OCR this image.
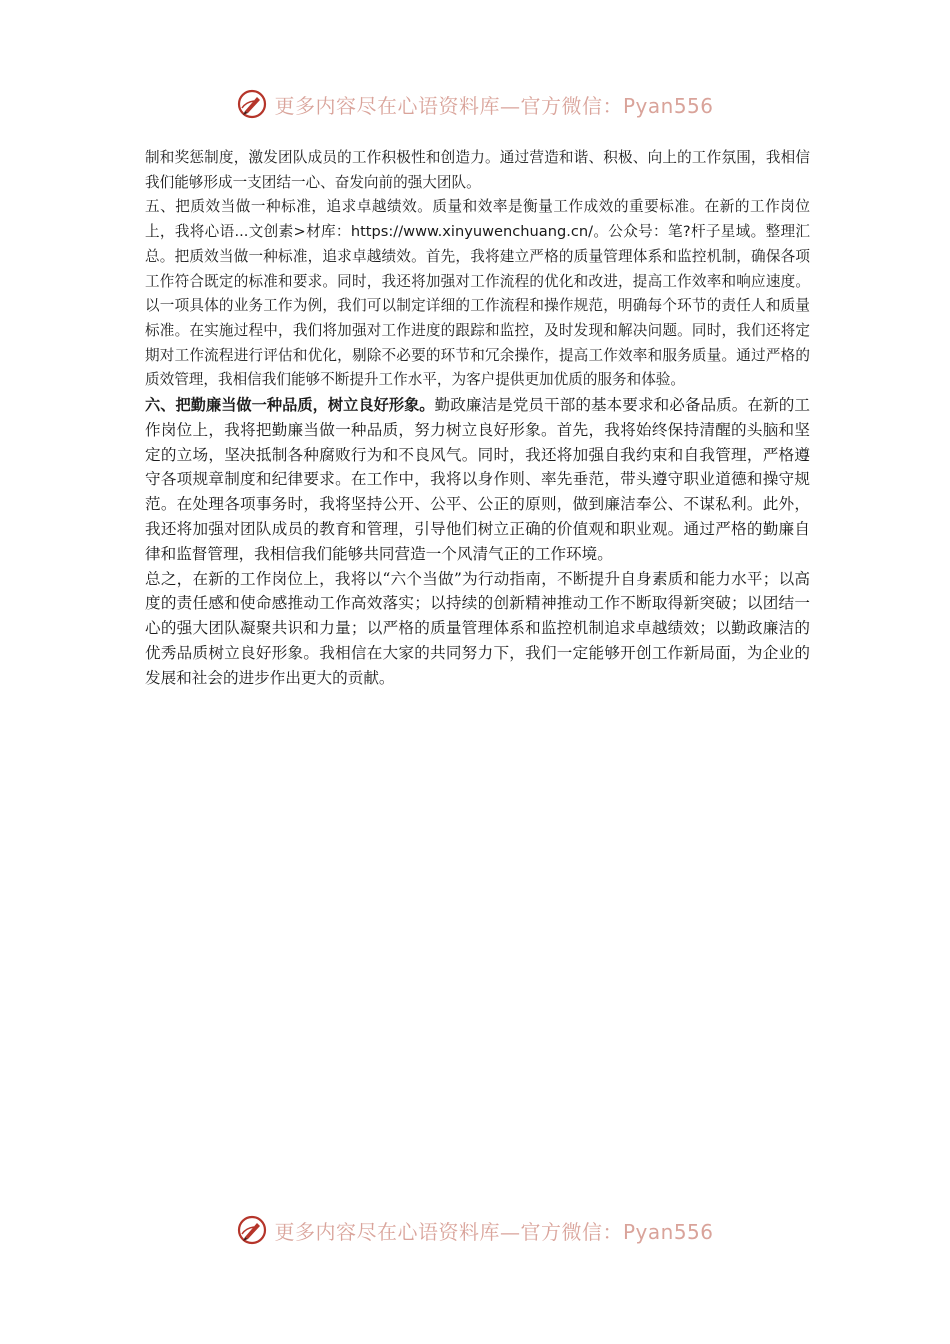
更多内容尽在心语资料库—官方微信：Pyan556

制和奖惩制度，激发团队成员的工作积极性和创造力。通过营造和谐、积极、向上的工作氛围，我相信我们能够形成一支团结一心、奋发向前的强大团队。

五、把质效当做一种标准，追求卓越绩效。质量和效率是衡量工作成效的重要标准。在新的工作岗位上，我将心语...文创素>材库：https://www.xinyuwenchuang.cn/。公众号：笔?杆子星域。整理汇总。把质效当做一种标准，追求卓越绩效。首先，我将建立严格的质量管理体系和监控机制，确保各项工作符合既定的标准和要求。同时，我还将加强对工作流程的优化和改进，提高工作效率和响应速度。以一项具体的业务工作为例，我们可以制定详细的工作流程和操作规范，明确每个环节的责任人和质量标准。在实施过程中，我们将加强对工作进度的跟踪和监控，及时发现和解决问题。同时，我们还将定期对工作流程进行评估和优化，剔除不必要的环节和冗余操作，提高工作效率和服务质量。通过严格的质效管理，我相信我们能够不断提升工作水平，为客户提供更加优质的服务和体验。

六、把勤廉当做一种品质，树立良好形象。勤政廉洁是党员干部的基本要求和必备品质。在新的工作岗位上，我将把勤廉当做一种品质，努力树立良好形象。首先，我将始终保持清醒的头脑和坚定的立场，坚决抵制各种腐败行为和不良风气。同时，我还将加强自我约束和自我管理，严格遵守各项规章制度和纪律要求。在工作中，我将以身作则、率先垂范，带头遵守职业道德和操守规范。在处理各项事务时，我将坚持公开、公平、公正的原则，做到廉洁奉公、不谋私利。此外，我还将加强对团队成员的教育和管理，引导他们树立正确的价值观和职业观。通过严格的勤廉自律和监督管理，我相信我们能够共同营造一个风清气正的工作环境。

总之，在新的工作岗位上，我将以“六个当做”为行动指南，不断提升自身素质和能力水平；以高度的责任感和使命感推动工作高效落实；以持续的创新精神推动工作不断取得新突破；以团结一心的强大团队凝聚共识和力量；以严格的质量管理体系和监控机制追求卓越绩效；以勤政廉洁的优秀品质树立良好形象。我相信在大家的共同努力下，我们一定能够开创工作新局面，为企业的发展和社会的进步作出更大的贡献。

更多内容尽在心语资料库—官方微信：Pyan556
